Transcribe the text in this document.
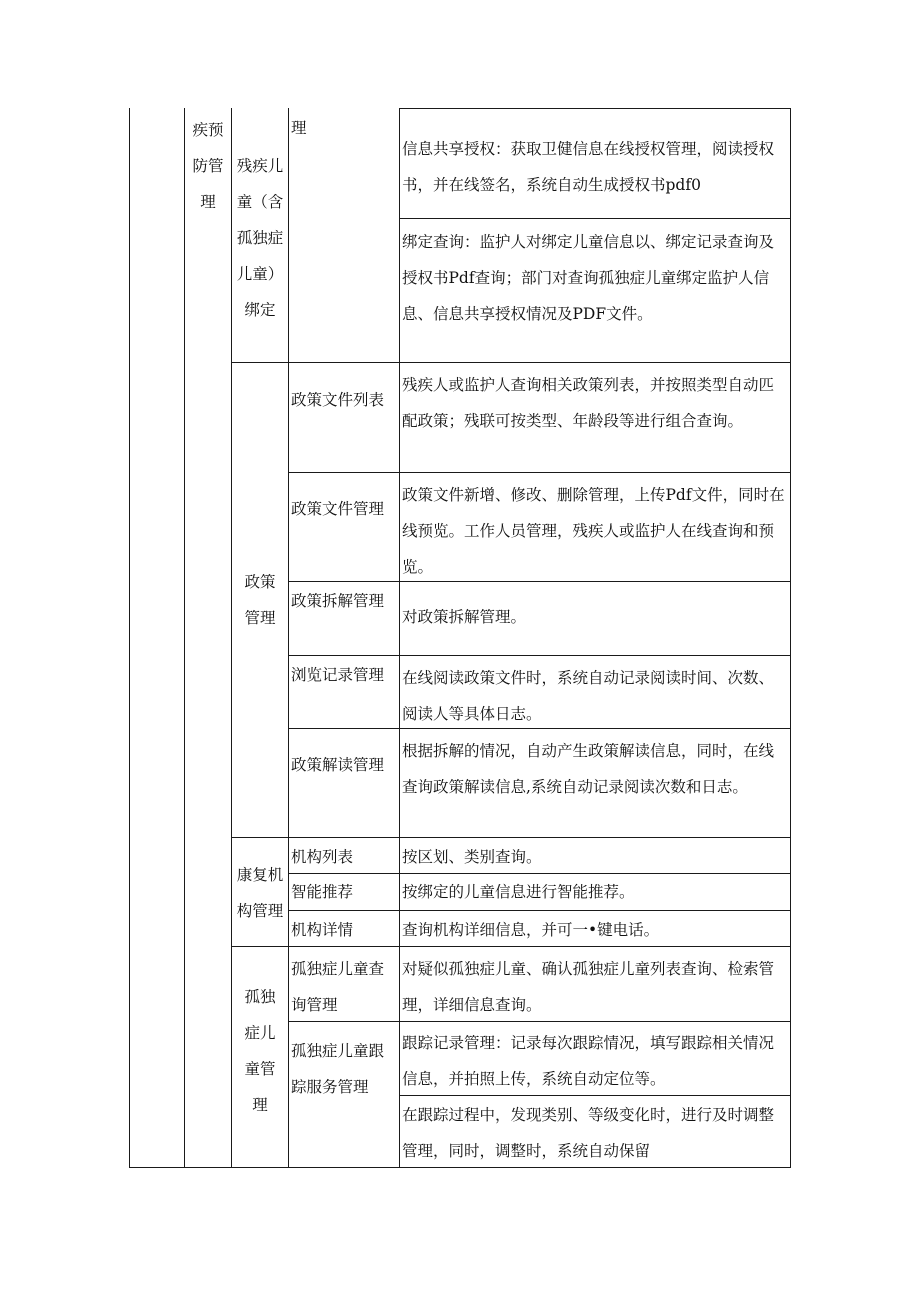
疾预防管理

残疾儿童（含孤独症儿童）绑定

政策管理

康复机构管理

孤独症儿童管理

理

政策文件列表

政策文件管理

政策拆解管理

浏览记录管理

政策解读管理

机构列表

智能推荐

机构详情

孤独症儿童查询管理

孤独症儿童跟踪服务管理

信息共享授权：获取卫健信息在线授权管理，阅读授权书，并在线签名，系统自动生成授权书pdf0

绑定查询：监护人对绑定儿童信息以、绑定记录查询及授权书Pdf查询；部门对查询孤独症儿童绑定监护人信息、信息共享授权情况及PDF文件。

残疾人或监护人查询相关政策列表，并按照类型自动匹配政策；残联可按类型、年龄段等进行组合查询。

政策文件新增、修改、删除管理，上传Pdf文件，同时在线预览。工作人员管理，残疾人或监护人在线查询和预览。

对政策拆解管理。

在线阅读政策文件时，系统自动记录阅读时间、次数、阅读人等具体日志。

根据拆解的情况，自动产生政策解读信息，同时，在线查询政策解读信息,系统自动记录阅读次数和日志。

按区划、类别查询。

按绑定的儿童信息进行智能推荐。

查询机构详细信息，并可一•键电话。

对疑似孤独症儿童、确认孤独症儿童列表查询、检索管理，详细信息查询。

跟踪记录管理：记录每次跟踪情况，填写跟踪相关情况信息，并拍照上传，系统自动定位等。

在跟踪过程中，发现类别、等级变化时，进行及时调整管理，同时，调整时，系统自动保留
